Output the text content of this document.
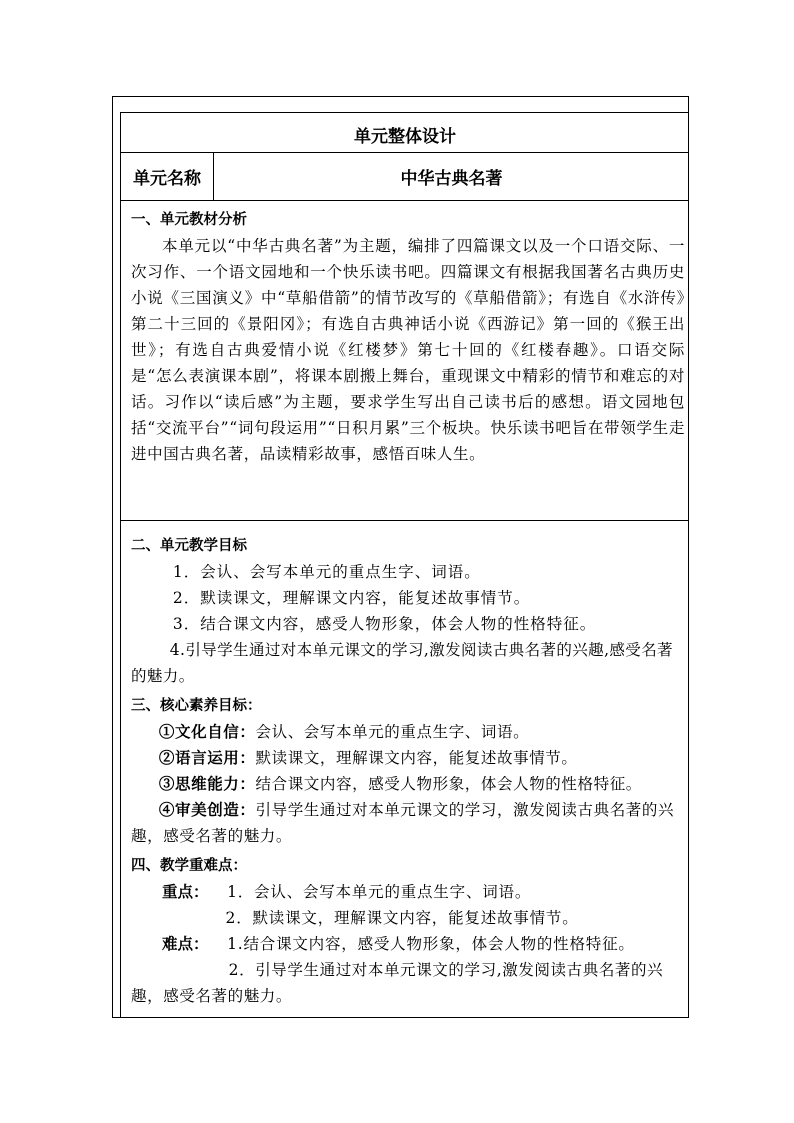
单元整体设计
单元名称	中华古典名著
一、单元教材分析
本单元以“中华古典名著”为主题，编排了四篇课文以及一个口语交际、一次习作、一个语文园地和一个快乐读书吧。四篇课文有根据我国著名古典历史小说《三国演义》中“草船借箭”的情节改写的《草船借箭》；有选自《水浒传》第二十三回的《景阳冈》；有选自古典神话小说《西游记》第一回的《猴王出世》；有选自古典爱情小说《红楼梦》第七十回的《红楼春趣》。口语交际是“怎么表演课本剧”，将课本剧搬上舞台，重现课文中精彩的情节和难忘的对话。习作以“读后感”为主题，要求学生写出自己读书后的感想。语文园地包括“交流平台”“词句段运用”“日积月累”三个板块。快乐读书吧旨在带领学生走进中国古典名著，品读精彩故事，感悟百味人生。
二、单元教学目标
1．会认、会写本单元的重点生字、词语。
2．默读课文，理解课文内容，能复述故事情节。
3．结合课文内容，感受人物形象，体会人物的性格特征。
4.引导学生通过对本单元课文的学习,激发阅读古典名著的兴趣,感受名著的魅力。
三、核心素养目标：
①文化自信：会认、会写本单元的重点生字、词语。
②语言运用：默读课文，理解课文内容，能复述故事情节。
③思维能力：结合课文内容，感受人物形象，体会人物的性格特征。
④审美创造：引导学生通过对本单元课文的学习，激发阅读古典名著的兴趣，感受名著的魅力。
四、教学重难点：
重点： 1．会认、会写本单元的重点生字、词语。
2．默读课文，理解课文内容，能复述故事情节。
难点： 1.结合课文内容，感受人物形象，体会人物的性格特征。
2．引导学生通过对本单元课文的学习,激发阅读古典名著的兴趣，感受名著的魅力。
